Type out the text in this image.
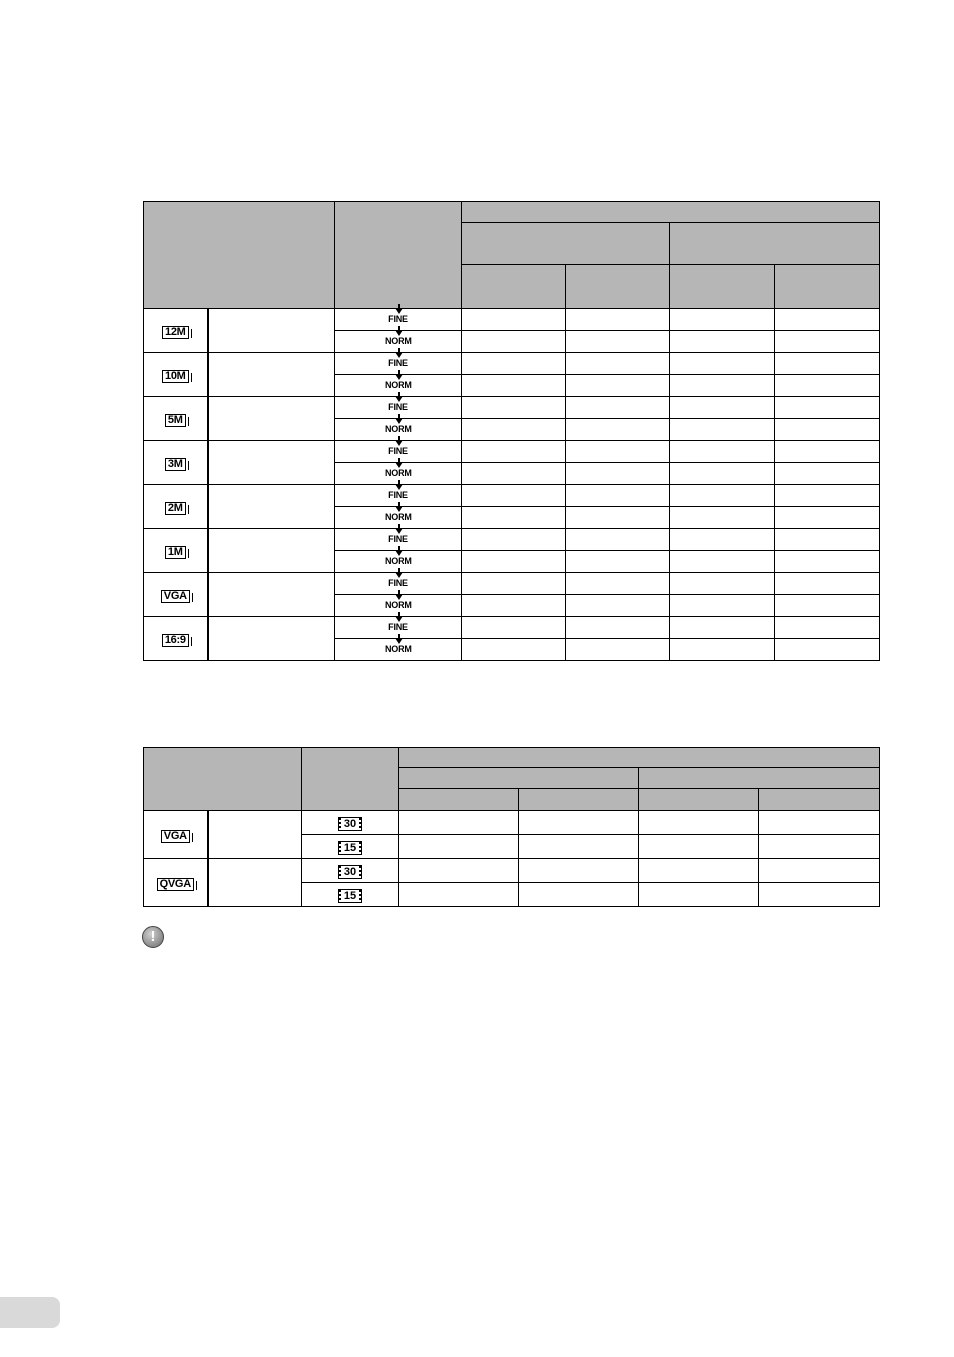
12M		FINE				

		NORM				

10M		FINE				

		NORM				

5M		FINE				

		NORM				

3M		FINE				

		NORM				

2M		FINE				

		NORM				

1M		FINE				

		NORM				

VGA		FINE				

		NORM				

16:9		FINE				

		NORM				

VGA		30				
		15				
QVGA		30				
		15				
!
